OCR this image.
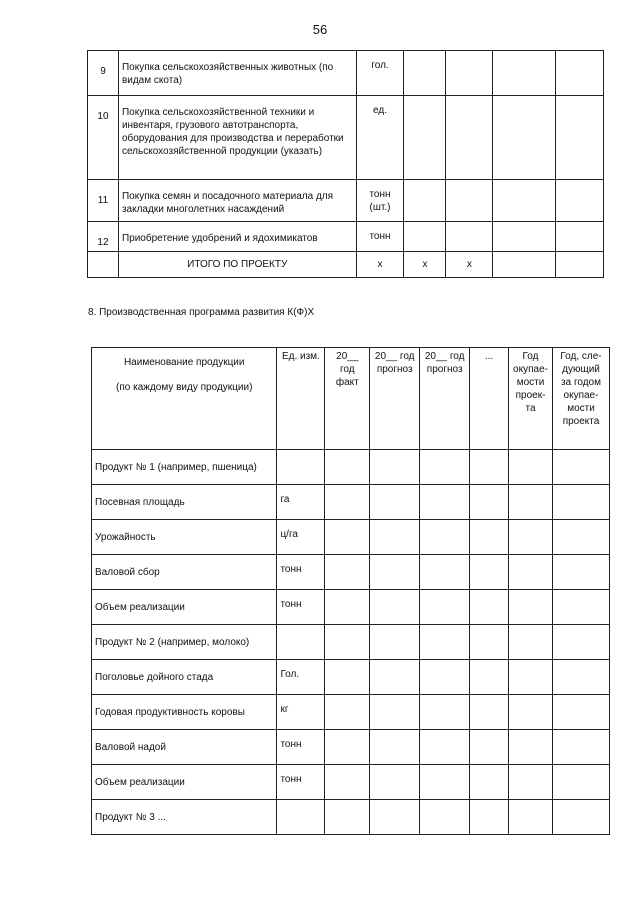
56
9	Покупка сельскохозяйственных животных (по видам скота)	гол.				
10	Покупка сельскохозяйственной техники и инвентаря, грузового автотранспорта, оборудования для производства и переработки сельскохозяйственной продукции (указать)	ед.				
11	Покупка семян и посадочного материала для закладки многолетних насаждений	тонн (шт.)				
12	Приобретение удобрений и ядохимикатов	тонн				
	ИТОГО ПО ПРОЕКТУ	х	х	х		
8. Производственная программа развития К(Ф)Х
Наименование продукции
(по каждому виду продукции)	Ед. изм.	20__ год факт	20__ год прогноз	20__ год прогноз	...	Год окупае-мости проек-та	Год, сле-дующий за годом окупае-мости проекта
Продукт № 1 (например, пшеница)							
Посевная площадь	га						
Урожайность	ц/га						
Валовой сбор	тонн						
Объем реализации	тонн						
Продукт № 2 (например, молоко)							
Поголовье дойного стада	Гол.						
Годовая продуктивность коровы	кг						
Валовой надой	тонн						
Объем реализации	тонн						
Продукт № 3 ...							
